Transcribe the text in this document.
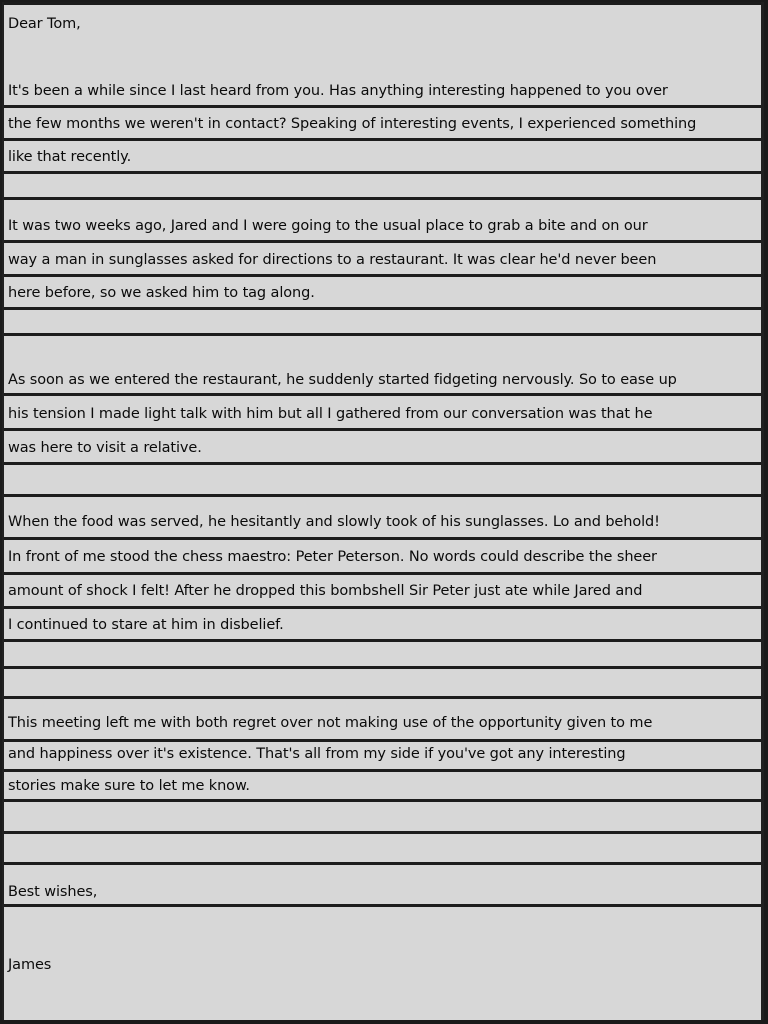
Dear Tom,
It's been a while since I last heard from you. Has anything interesting happened to you over
the few months we weren't in contact? Speaking of interesting events, I experienced something
like that recently.
It was two weeks ago, Jared and I were going to the usual place to grab a bite and on our
way a man in sunglasses asked for directions to a restaurant. It was clear he'd never been
here before, so we asked him to tag along.
As soon as we entered the restaurant, he suddenly started fidgeting nervously. So to ease up
his tension I made light talk with him but all I gathered from our conversation was that he
was here to visit a relative.
When the food was served, he hesitantly and slowly took of his sunglasses. Lo and behold!
In front of me stood the chess maestro: Peter Peterson. No words could describe the sheer
amount of shock I felt! After he dropped this bombshell Sir Peter just ate while Jared and
I continued to stare at him in disbelief.
This meeting left me with both regret over not making use of the opportunity given to me
and happiness over it's existence. That's all from my side if you've got any interesting
stories make sure to let me know.
Best wishes,
James
